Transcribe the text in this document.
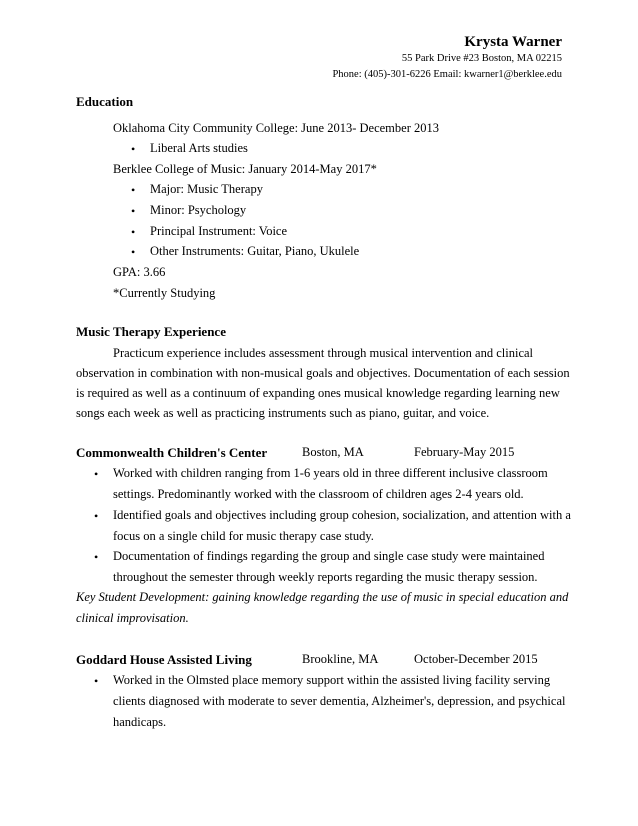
Krysta Warner
55 Park Drive #23 Boston, MA 02215
Phone: (405)-301-6226 Email: kwarner1@berklee.edu
Education
Oklahoma City Community College: June 2013- December 2013
• Liberal Arts studies
Berklee College of Music: January 2014-May 2017*
• Major: Music Therapy
• Minor: Psychology
• Principal Instrument: Voice
• Other Instruments: Guitar, Piano, Ukulele
GPA: 3.66
*Currently Studying
Music Therapy Experience
Practicum experience includes assessment through musical intervention and clinical
observation in combination with non-musical goals and objectives. Documentation of each session
is required as well as a continuum of expanding ones musical knowledge regarding learning new
songs each week as well as practicing instruments such as piano, guitar, and voice.
Commonwealth Children's Center	Boston, MA	February-May 2015
• Worked with children ranging from 1-6 years old in three different inclusive classroom
settings. Predominantly worked with the classroom of children ages 2-4 years old.
• Identified goals and objectives including group cohesion, socialization, and attention with a
focus on a single child for music therapy case study.
• Documentation of findings regarding the group and single case study were maintained
throughout the semester through weekly reports regarding the music therapy session.
Key Student Development: gaining knowledge regarding the use of music in special education and
clinical improvisation.
Goddard House Assisted Living	Brookline, MA	October-December 2015
• Worked in the Olmsted place memory support within the assisted living facility serving
clients diagnosed with moderate to sever dementia, Alzheimer's, depression, and psychical
handicaps.
